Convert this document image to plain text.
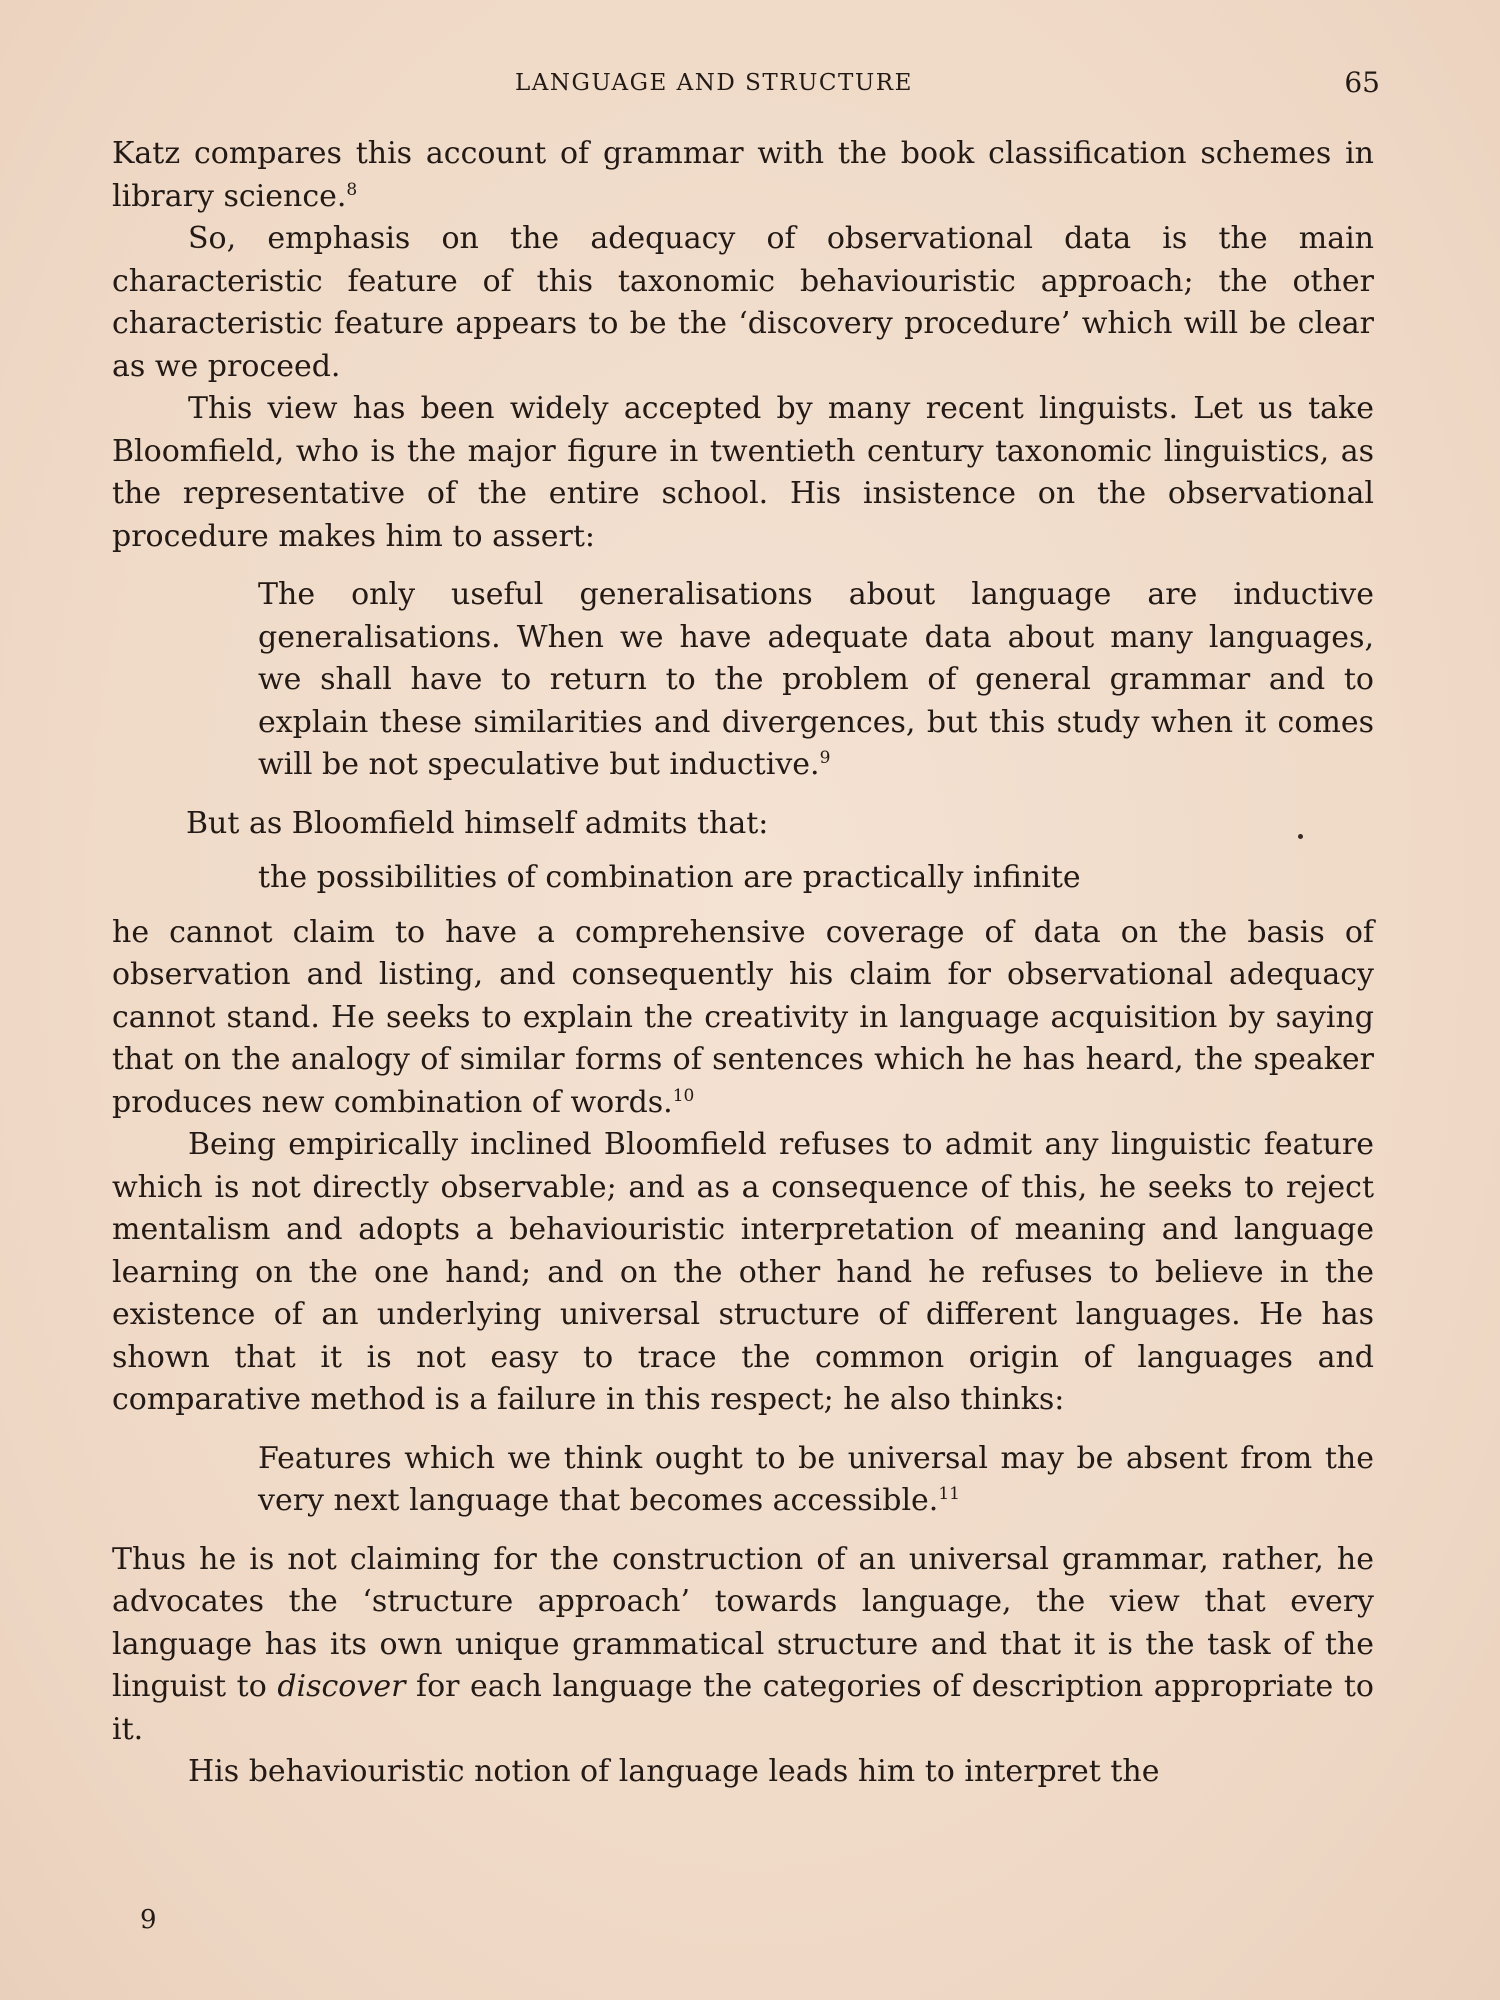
LANGUAGE AND STRUCTURE	65

Katz compares this account of grammar with the book classification schemes in library science.$^8$

So, emphasis on the adequacy of observational data is the main characteristic feature of this taxonomic behaviouristic approach; the other characteristic feature appears to be the ‘discovery procedure’ which will be clear as we proceed.

This view has been widely accepted by many recent linguists. Let us take Bloomfield, who is the major figure in twentieth century taxonomic linguistics, as the representative of the entire school. His insistence on the observational procedure makes him to assert:

The only useful generalisations about language are inductive generalisations. When we have adequate data about many languages, we shall have to return to the problem of general grammar and to explain these similarities and divergences, but this study when it comes will be not speculative but inductive.$^9$

But as Bloomfield himself admits that:

the possibilities of combination are practically infinite

he cannot claim to have a comprehensive coverage of data on the basis of observation and listing, and consequently his claim for observational adequacy cannot stand. He seeks to explain the creativity in language acquisition by saying that on the analogy of similar forms of sentences which he has heard, the speaker produces new combination of words.$^{10}$

Being empirically inclined Bloomfield refuses to admit any linguistic feature which is not directly observable; and as a consequence of this, he seeks to reject mentalism and adopts a behaviouristic interpretation of meaning and language learning on the one hand; and on the other hand he refuses to believe in the existence of an underlying universal structure of different languages. He has shown that it is not easy to trace the common origin of languages and comparative method is a failure in this respect; he also thinks:

Features which we think ought to be universal may be absent from the very next language that becomes accessible.$^{11}$

Thus he is not claiming for the construction of an universal grammar, rather, he advocates the ‘structure approach’ towards language, the view that every language has its own unique grammatical structure and that it is the task of the linguist to discover for each language the categories of description appropriate to it.

His behaviouristic notion of language leads him to interpret the

9
